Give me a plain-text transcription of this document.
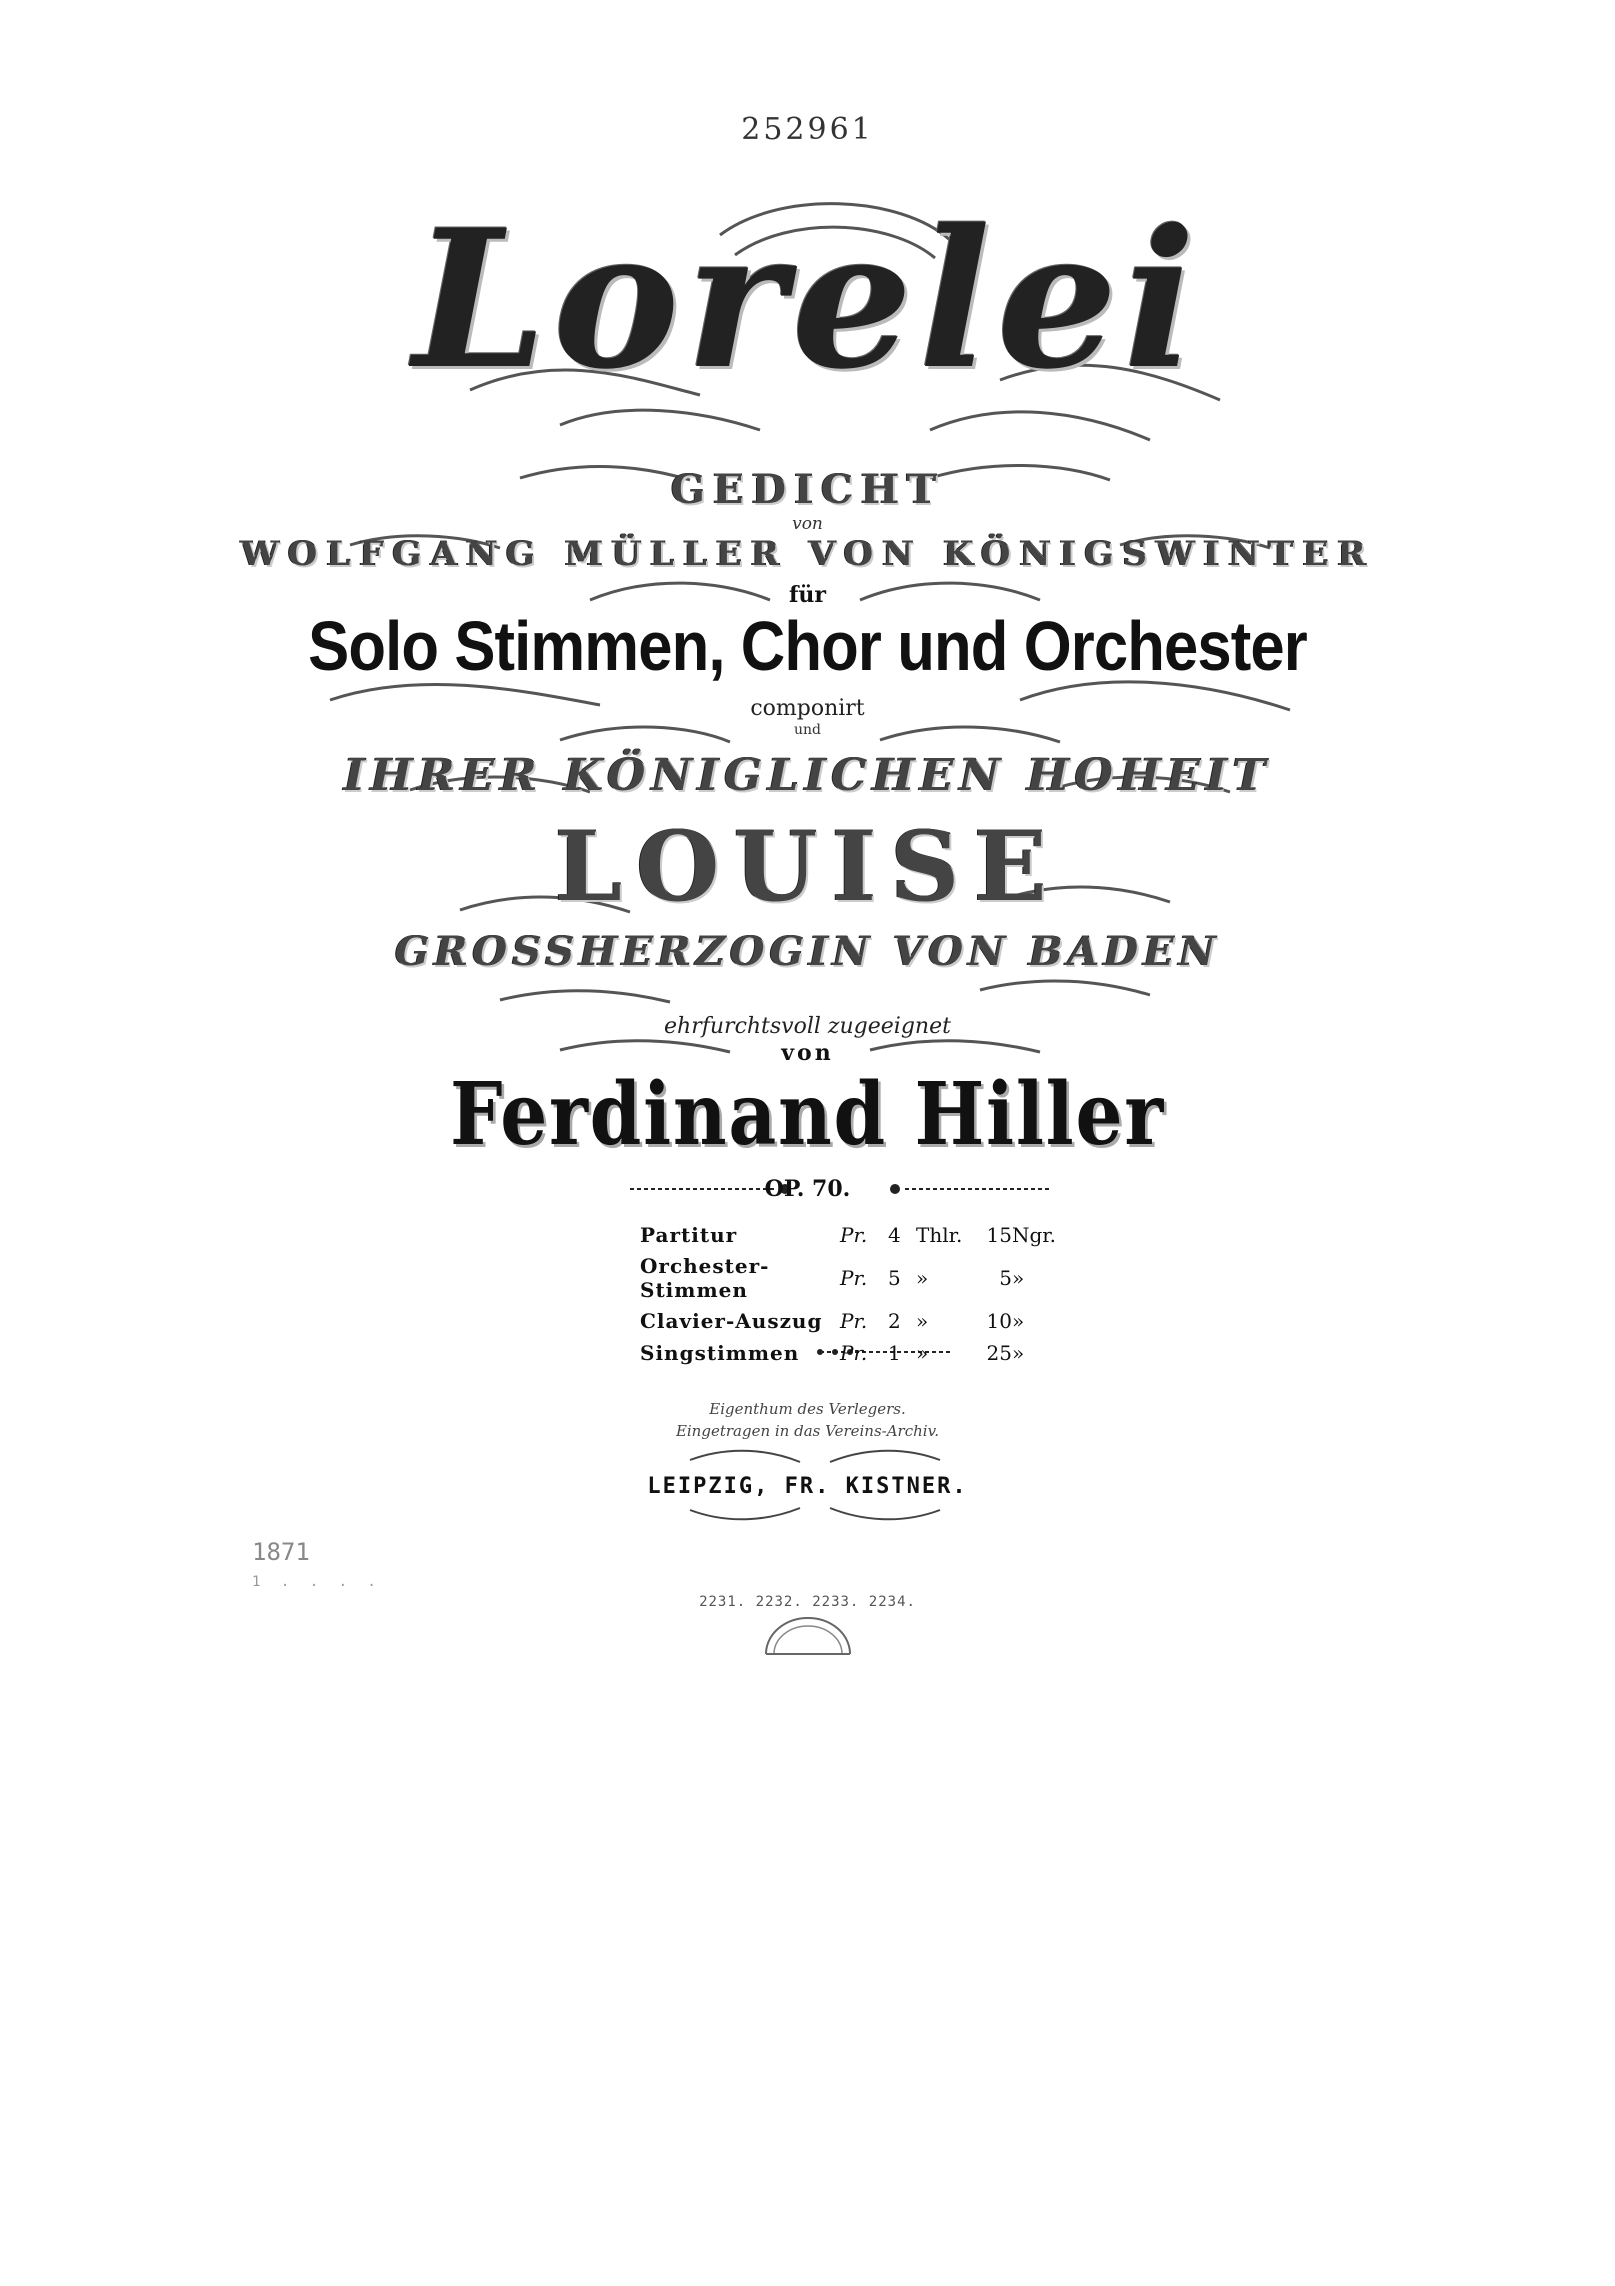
252961
Lorelei
GEDICHT
von
WOLFGANG MÜLLER VON KÖNIGSWINTER
für
Solo Stimmen, Chor und Orchester
componirt
und
IHRER KÖNIGLICHEN HOHEIT
LOUISE
GROSSHERZOGIN VON BADEN
ehrfurchtsvoll zugeeignet
von
Ferdinand Hiller
OP. 70.
Partitur	Pr.	4	Thlr.	15	Ngr.
Orchester-Stimmen	Pr.	5	»	5	»
Clavier-Auszug	Pr.	2	»	10	»
Singstimmen	Pr.	1	»	25	»
Eigenthum des Verlegers.
Eingetragen in das Vereins-Archiv.
LEIPZIG, FR. KISTNER.
2231. 2232. 2233. 2234.
1871
1 . . . .
